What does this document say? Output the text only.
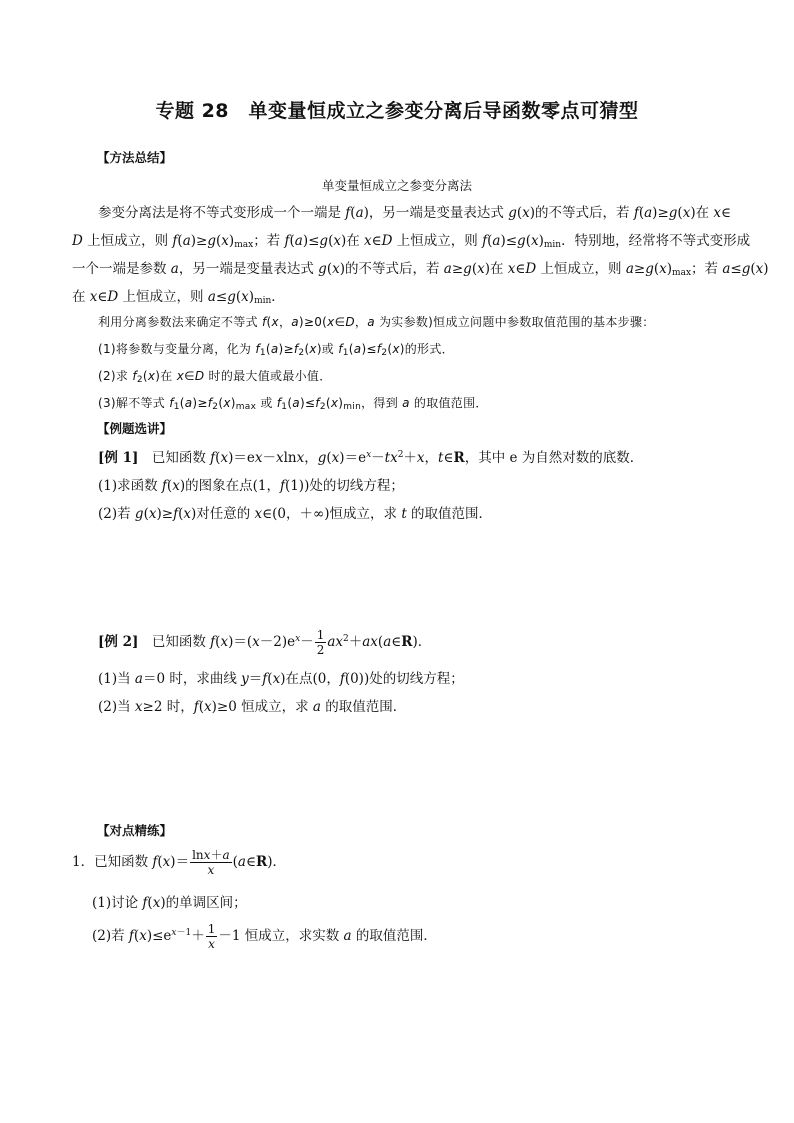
专题 28　单变量恒成立之参变分离后导函数零点可猜型
【方法总结】
单变量恒成立之参变分离法
参变分离法是将不等式变形成一个一端是 f(a)，另一端是变量表达式 g(x)的不等式后，若 f(a)≥g(x)在 x∈
D 上恒成立，则 $f(a)\ge g(x)_{max}$；若 f(a)≤g(x)在 x∈D 上恒成立，则 $f(a)\le g(x)_{min}$．特别地，经常将不等式变形成
一个一端是参数 a，另一端是变量表达式 g(x)的不等式后，若 a≥g(x)在 x∈D 上恒成立，则 $a\ge g(x)_{max}$；若 a≤g(x)
在 x∈D 上恒成立，则 $a\le g(x)_{min}$．
利用分离参数法来确定不等式 f(x，a)≥0(x∈D，a 为实参数)恒成立问题中参数取值范围的基本步骤：
(1)将参数与变量分离，化为 $f_1(a)\ge f_2(x)$或 $f_1(a)\le f_2(x)$的形式．
(2)求 $f_2(x)$在 x∈D 时的最大值或最小值．
(3)解不等式 $f_1(a)\ge f_2(x)_{max}$ 或 $f_1(a)\le f_2(x)_{min}$，得到 a 的取值范围．
【例题选讲】
[例 1]　已知函数 f(x)＝ex－xlnx，$g(x)=e^x-tx^2+x$，t∈R，其中 e 为自然对数的底数．
(1)求函数 f(x)的图象在点(1，f(1))处的切线方程；
(2)若 g(x)≥f(x)对任意的 x∈(0，＋∞)恒成立，求 t 的取值范围．
[例 2]　已知函数 $f(x)=(x-2)e^x- \frac{1}{2}$ $ax^2+ax(a\in R)$．
(1)当 a＝0 时，求曲线 y＝f(x)在点(0，f(0))处的切线方程；
(2)当 x≥2 时，f(x)≥0 恒成立，求 a 的取值范围．
【对点精练】
1．已知函数 $f(x)= \frac{\ln x+a}{x}$ (a∈R)．
(1)讨论 f(x)的单调区间；
(2)若 $f(x)\le e^{x-1}+ \frac{1}{x} -1$ 恒成立，求实数 a 的取值范围．
